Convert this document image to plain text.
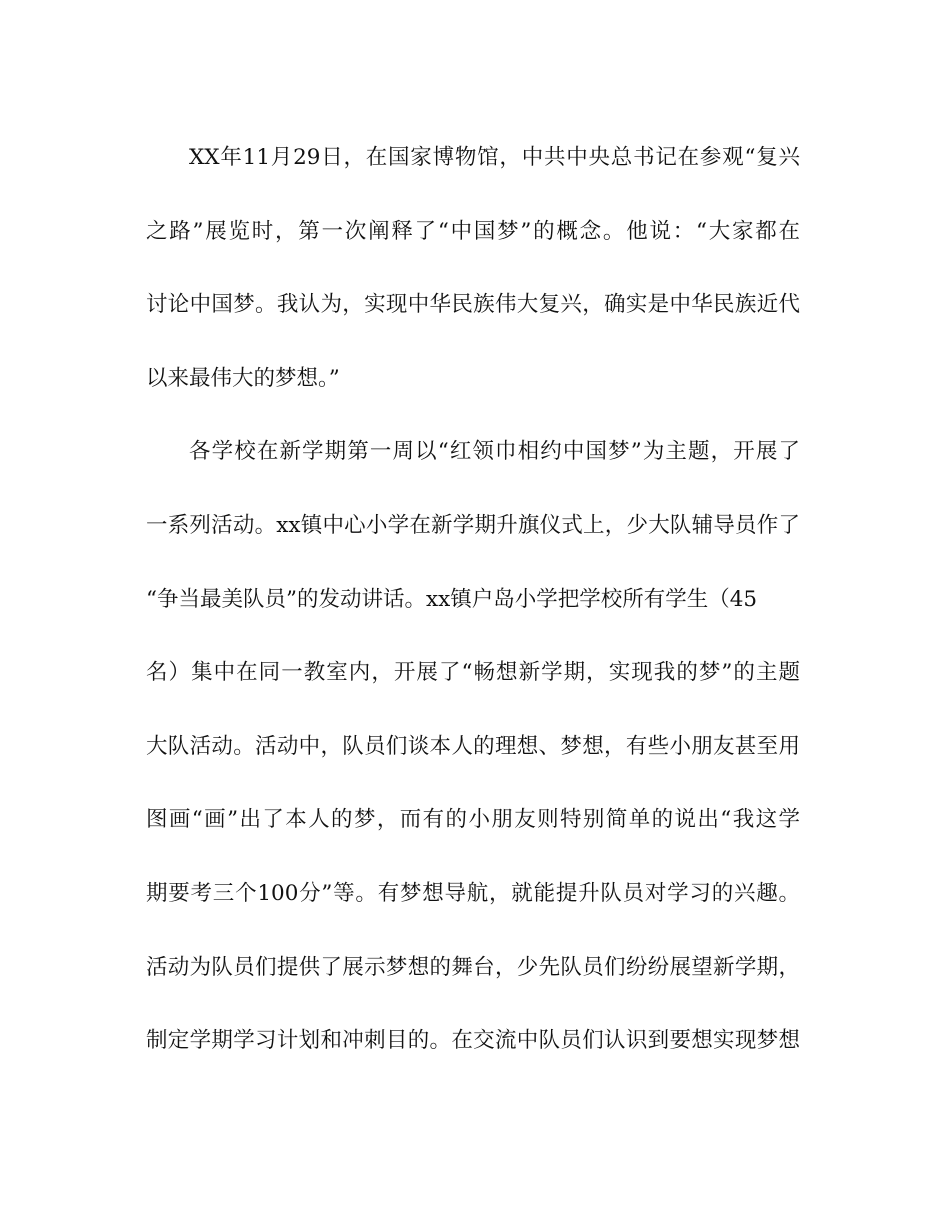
XX年11月29日，在国家博物馆，中共中央总书记在参观“复兴
之路”展览时，第一次阐释了“中国梦”的概念。他说：“大家都在
讨论中国梦。我认为，实现中华民族伟大复兴，确实是中华民族近代
以来最伟大的梦想。”
各学校在新学期第一周以“红领巾相约中国梦”为主题，开展了
一系列活动。xx镇中心小学在新学期升旗仪式上，少大队辅导员作了
“争当最美队员”的发动讲话。xx镇户岛小学把学校所有学生（45
名）集中在同一教室内，开展了“畅想新学期，实现我的梦”的主题
大队活动。活动中，队员们谈本人的理想、梦想，有些小朋友甚至用
图画“画”出了本人的梦，而有的小朋友则特别简单的说出“我这学
期要考三个100分”等。有梦想导航，就能提升队员对学习的兴趣。
活动为队员们提供了展示梦想的舞台，少先队员们纷纷展望新学期，
制定学期学习计划和冲刺目的。在交流中队员们认识到要想实现梦想
